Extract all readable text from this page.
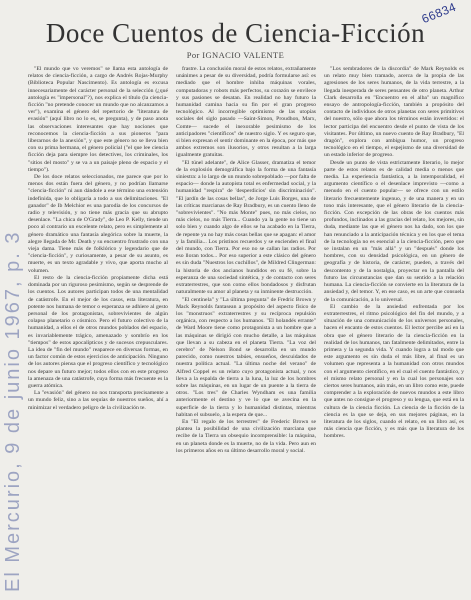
66834
El Mercurio, 9 de junio 1967, p. 3
Doce Cuentos de Ciencia-Ficción
Por IGNACIO VALENTE

"El mundo que vo veremos" se llama esta antología de relatos de ciencia-ficción, a cargo de Andrés Rojas-Murphy (Biblioteca Popular Nascimento). Es antología es excusa innecesariamente del carácter personal de la selección (¿qué antología es "impersonal"?), nos explica el título (la ciencia-ficción "no pretende conocer un mundo que no alcanzamos a ver"), examina el género del repertorio de "literatura de evasión" (aquí libro no lo es, se pregunta), y de paso anota las observaciones interesantes que hay nociones que reconocemos la ciencia-ficción a sus pioneros "para liberarnos de la anexión", y que este género no se lleva bien con su prima hermana, el género policial ("el que lee ciencia ficción deja para siempre los detectives, los criminales, los "sitios del mosto" y se va a un paisaje pleno de espacio y el tiempo").

De los doce relatos seleccionados, me parece que por lo menos dos están fuera del género, y no podrían llamarse "ciencia-ficción" ni aun dándole a ese término una extensión indefinida, que lo obligaría a todo a sus delimitaciones. "El ganador" de Ib Melchior es una parodia de los concursos de radio y televisión, y no tiene más gracia que su abrupto desenlace. "La chica de O'Grady", de Leo P. Kelly, tiende un poco al contrario un excelente relato, pero es simplemente al género dramático una fantasía alegórica sobre la muerte, la alegre llegada de Mr. Death y su encuentro frustrado con una vieja dama. Tiene más de folklórico y legendario que de "ciencia-ficción", y curiosamente, a pesar de su asunto, es muerte, es un texto agradable y vivo, que aporta mucho al volumen.

El resto de la ciencia-ficción propiamente dicha está dominada por un riguroso pesimismo, según se desprende de los cuentos. Los autores participan todos de una mentalidad de catástrofe. En el mejor de los casos, esta literatura, en potente nos humana de temor o esperanza se adhiere al gesto personal de los protagonistas, sobrevivientes de algún colapso planetario o cósmico. Pero el futuro colectivo de la humanidad, a ellos el de otros mundos poblados del espacio, es invariablemente trágico, amenazado y sombrío en los "tiempos" de estos apocalípticos y de sucesos crepusculares. La idea de "fin del mundo" reaparece en diversas formas, en un factor común de estos ejercicios de anticipación. Ninguno de los autores piensa que el progreso científico y tecnológico nos depare un futuro mejor; todos ellos con en este progreso la amenaza de una catástrofe, cuya forma más frecuente es la guerra atómica.

La "evasión" del género no nos transporta precisamente a un mundo feliz, sino a las sequías de nuestros sueños, ahí a minimizar el verdadero peligro de la civilización te.

frastre. La conclusión moral de estos relatos, extrañamente unánimes a pesar de su diversidad, podría formularse así: es mediado que el hombre inhiba máquinas vorales, computadoras y robots más perfectos, su corazón se envilece y sus pasiones se desatan. En realidad no hay futuro la humanidad camina hacia su fin por el gran progreso tecnológico. Al incorregible optimismo de las utopías sociales del siglo pasado —Saint-Simon, Proudhon, Marx, Comte— sucede el inexorable pesimismo de los anticipadores "científicos" de nuestro siglo. Y es seguro que, si bien expresan el sentir dominante en la época, por más que ambos extremos son ilusorios, y otros resultan a la larga igualmente gratuitas.

"El túnel adelante", de Alice Glasser, dramatiza el temor de la explosión demográfica bajo la forma de una fantasía siniestra: a lo largo de un mundo sobrepoblado —por falta de espacio— donde la autopista total es enfermedad social, y la humanidad "respira" de 'desperdicios' sin discriminación". "El jardín de las cosas bellas", de Jorge Luis Borges, una de las críticas marcianas de Ray Bradbury, es un cuento lleno de "sobrevivientes". "No más Monte" pues, no más cielos, no más cielos, no más Tierra... Cuando ya la gente no tiene un solo bien y cuando algo de ellos se ha acabado en la Tierra, de repente ya no hay más cosas bellas que se apagan: el amor y la familia... Los prístinos recuerdos y se encienden el final del mundo, con Tierra. Por eso no se callan las radios. Por eso lloran todos... Por eso superior a este clásico del género es sin duda "Nuestros los cuchillos", de Mildred Clingerman: la historia de dos ancianos hundidos en su fé, sobre la esperanza de una sociedad sintética, y de contacto con seres extraterrestres, que son como ellos bondadosos y disfrutan naturalmente su amor al planeta y su inminente destrucción.

"El centinela" y "La última pregunta" de Fredric Brown y Mack Reynolds fantasean a propósito del aspecto físico de los "monstruos" extraterrestres y su recíproca repulsión orgánica, con respecto a los humanos. "El holandés errante" de Ward Moore tiene como protagonista a un hombre que a las máquinas se dirigió con mucho detalle, a las máquinas que llevan a su cabeza en el planeta Tierra. "La voz del cerebro" de Nelson Bond se desarrolla en un mundo parecido, como nuestros tabúes, ensueños, descuidados de nuestra política actual. "La última noche del verano" de Alfred Coppel es un relato cuyo protagonista actual, y nos lleva a la espalda de tierra a la luna, la luz de los hombres sobre las máquinas, en un lugar de un puente a la tierra de otros. "Los tres" de Charles Wyndham es una familia anteriormente el destino y ve lo que se avecina en la superficie de la tierra y lo humanidad distintas, mientras habitan el subsuelo, a la espera de que...

En "El regalo de los terrestres" de Frederic Brown se plantea la posibilidad de una civilización marciana que recibe de la Tierra un obsequio incomprensible: la máquina, en un planeta donde es la muerte, no de la vida. Pero aun en los primeros años en su último desarrollo moral y social.

"Los sembradores de la discordia" de Mark Reynolds es un relato muy bien tramado, acerca de la propia de las agresiones de los seres humanos, de la vida terrestre, a la llegada inesperada de seres pensantes de otro planeta. Arthur Clark desarrolla en "Encuentro en el alba" un magnífico ensayo de antropología-ficción, también a propósito del contacto de individuos de otros planetas con seres primitivos del nuestro, sólo que ahora los términos están invertidos: el lector participa del encuentro desde el punto de vista de los visitantes. Por último, un nuevo cuento de Ray Bradbury, "El dragón", explora con ambigua humor, un progreso tecnológico en el tiempo, el espejismo de una diversidad de un estado inferior de progreso.

Desde un punto de vista estrictamente literario, lo mejor parte de estos relatos es de calidad media o menos que media. La experiencia fantástica, a la intemporalidad, el argumento científico o el desenlace imprevisto —como a menudo en el cuento popular— se ofrece con un estilo literario frecuentemente ingenuo, y de una manera y en un tono más interesante, que el género literario de la ciencia-ficción. Con excepción de las obras de los cuentos más profundos, inclinados a las gracias del relato, los mejores, sin duda, mediante las que el género nos ha dado, son los que han renunciado a la anticipación técnica y en los que el tema de la tecnología no es esencial a la ciencia-ficción, pero que se instalan en un "más allá" y un "después" donde los hombres, con su densidad psicológica, en un género de geografía y de historia, de carácter, pueden, a través del descontento y de la nostalgia, proyectar en la pantalla del futuro las circunstancias que dan su sentido a la relación humana. La ciencia-ficción se convierte en la literatura de la ansiedad y, del temor. Y, en ese caso, es un arte que consuela de la comunicación, a lo universal.

El cambio de la ansiedad enfrentada por los extraterrestres, el ritmo psicológico del fin del mundo, y a situación de una comunicación de los universos personales, hacen el encanto de estos cuentos. El lector percibe así en la obra que el género literario de la ciencia-ficción en la realidad de los humanos, tan fatalmente delimitados, entre la primera y la segunda vida. Y cuando logra a tal modo que este argumento es sin duda el más libre, al final es un volumen que representa a la humanidad con otros mundos con el argumento científico, en el cual el cuento fantástico, y el mismo relato personal y en la cual los personajes son ciertos seres humanos, aún más, en un libro como este, puede comprender a la exploración de nuevos mundos a este libro que antes no consigue el progreso y su lengua, que está en la cultura de la ciencia ficción. La ciencia de la ficción de la ciencia es la que se deja, en sus mejores páginas, en la literatura de los siglos, cuando el relato, en un libro así, es más ciencia que ficción, y es más que la literatura de los hombres.
